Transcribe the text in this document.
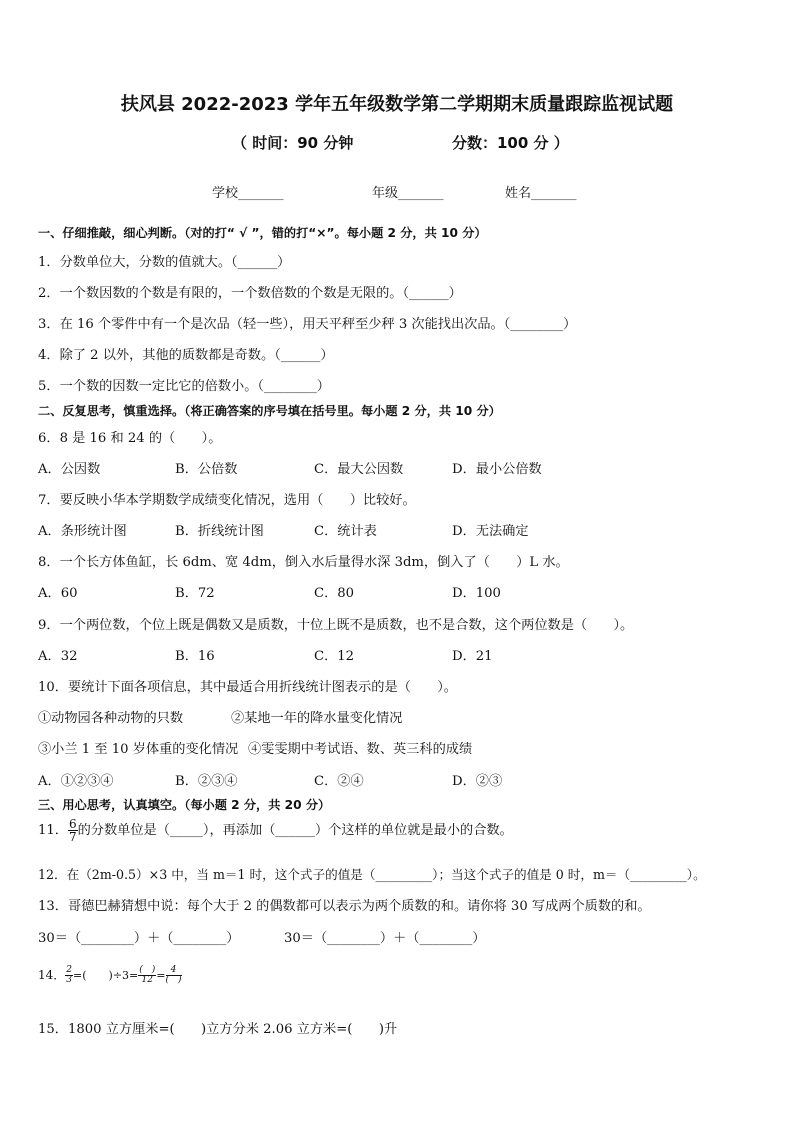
扶风县 2022-2023 学年五年级数学第二学期期末质量跟踪监视试题
（ 时间：90 分钟	分数：100 分 ）
学校_______	年级_______	姓名_______
一、仔细推敲，细心判断。（对的打“ √ ”，错的打“×”。每小题 2 分，共 10 分）
1．分数单位大，分数的值就大。（______）
2．一个数因数的个数是有限的，一个数倍数的个数是无限的。（______）
3．在 16 个零件中有一个是次品（轻一些），用天平秤至少秤 3 次能找出次品。（________）
4．除了 2 以外，其他的质数都是奇数。（______）
5．一个数的因数一定比它的倍数小。（________）
二、反复思考，慎重选择。（将正确答案的序号填在括号里。每小题 2 分，共 10 分）
6．8 是 16 和 24 的（　　）。
A．公因数	B．公倍数	C．最大公因数	D．最小公倍数
7．要反映小华本学期数学成绩变化情况，选用（　　）比较好。
A．条形统计图	B．折线统计图	C．统计表	D．无法确定
8．一个长方体鱼缸，长 6dm、宽 4dm，倒入水后量得水深 3dm，倒入了（　　）L 水。
A．60	B．72	C．80	D．100
9．一个两位数，个位上既是偶数又是质数，十位上既不是质数，也不是合数，这个两位数是（　　）。
A．32	B．16	C．12	D．21
10．要统计下面各项信息，其中最适合用折线统计图表示的是（　　）。
①动物园各种动物的只数	②某地一年的降水量变化情况
③小兰 1 至 10 岁体重的变化情况 ④雯雯期中考试语、数、英三科的成绩
A．①②③④	B．②③④	C．②④	D．②③
三、用心思考，认真填空。（每小题 2 分，共 20 分）
11． $\frac{6}{7}$ 的分数单位是（_____），再添加（______）个这样的单位就是最小的合数。
12．在（2m-0.5）×3 中，当 m＝1 时，这个式子的值是（_________）；当这个式子的值是 0 时，m＝（_________）。
13．哥德巴赫猜想中说：每个大于 2 的偶数都可以表示为两个质数的和。请你将 30 写成两个质数的和。
30＝（________）＋（________）	30＝（________）＋（________）
14． $\frac{2}{3}$ =(　　)$\div 3= \frac{( )}{12} = \frac{4}{( )}$
15．1800 立方厘米=(　　)立方分米 2.06 立方米=(　　)升
